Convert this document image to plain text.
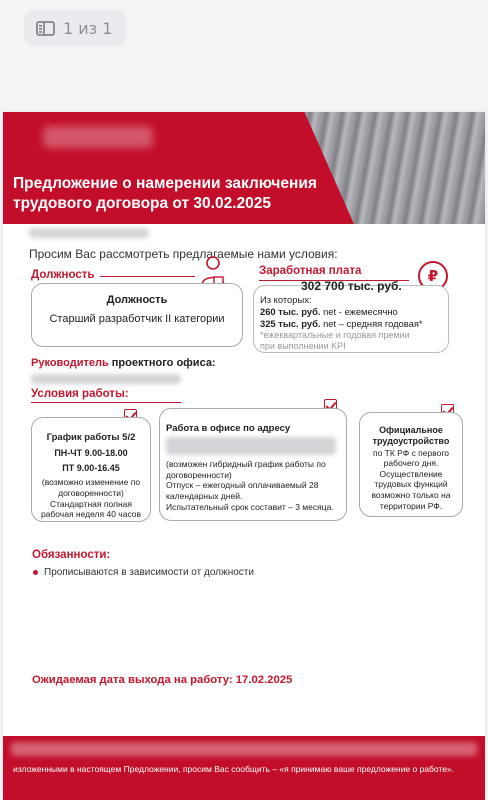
1 из 1
Предложение о намерении заключения трудового договора от 30.02.2025
Просим Вас рассмотреть предлагаемые нами условия:
Должность
Должность
Старший разработчик II категории
Заработная плата	₽
302 700 тыс. руб.
Из которых:
260 тыс. руб. net - ежемесячно
325 тыс. руб. net – средняя годовая*
*ежеквартальные и годовая премии
при выполнении KPI
Руководитель проектного офиса:
Условия работы:
График работы 5/2
ПН-ЧТ 9.00-18.00
ПТ 9.00-16.45
(возможно изменение по договоренности)
Стандартная полная рабочая неделя 40 часов
Работа в офисе по адресу
(возможен гибридный график работы по договоренности)
Отпуск – ежегодный оплачиваемый 28 календарных дней.
Испытательный срок составит – 3 месяца.
Официальное трудоустройство
по ТК РФ с первого рабочего дня. Осуществление трудовых функций возможно только на территории РФ.
Обязанности:
Прописываются в зависимости от должности
Ожидаемая дата выхода на работу: 17.02.2025
изложенными в настоящем Предложении, просим Вас сообщить – «я принимаю ваше предложение о работе».
